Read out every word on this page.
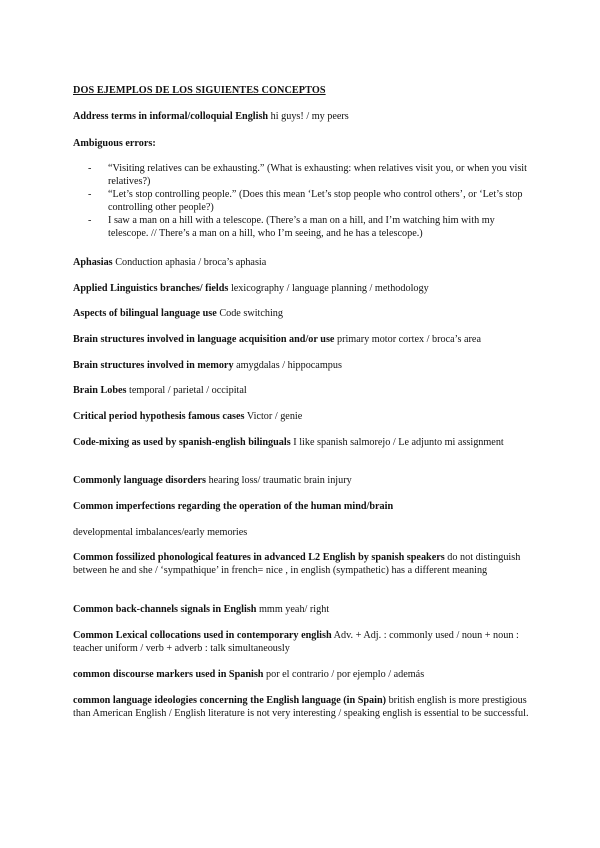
DOS EJEMPLOS DE LOS SIGUIENTES CONCEPTOS
Address terms in informal/colloquial English hi guys! / my peers
Ambiguous errors:
- “Visiting relatives can be exhausting.” (What is exhausting: when relatives visit you, or when you visit relatives?)
- “Let’s stop controlling people.” (Does this mean ‘Let’s stop people who control others’, or ‘Let’s stop controlling other people?)
- I saw a man on a hill with a telescope. (There’s a man on a hill, and I’m watching him with my telescope. // There’s a man on a hill, who I’m seeing, and he has a telescope.)
Aphasias Conduction aphasia / broca’s aphasia
Applied Linguistics branches/ fields lexicography / language planning / methodology
Aspects of bilingual language use Code switching
Brain structures involved in language acquisition and/or use primary motor cortex / broca’s area
Brain structures involved in memory amygdalas / hippocampus
Brain Lobes temporal / parietal / occipital
Critical period hypothesis famous cases Victor / genie
Code-mixing as used by spanish-english bilinguals I like spanish salmorejo / Le adjunto mi assignment
Commonly language disorders hearing loss/ traumatic brain injury
Common imperfections regarding the operation of the human mind/brain
developmental imbalances/early memories
Common fossilized phonological features in advanced L2 English by spanish speakers do not distinguish between he and she / ‘sympathique’ in french= nice , in english (sympathetic) has a different meaning
Common back-channels signals in English mmm yeah/ right
Common Lexical collocations used in contemporary english Adv. + Adj. : commonly used / noun + noun : teacher uniform / verb + adverb : talk simultaneously
common discourse markers used in Spanish por el contrario / por ejemplo / además
common language ideologies concerning the English language (in Spain) british english is more prestigious than American English / English literature is not very interesting / speaking english is essential to be successful.
